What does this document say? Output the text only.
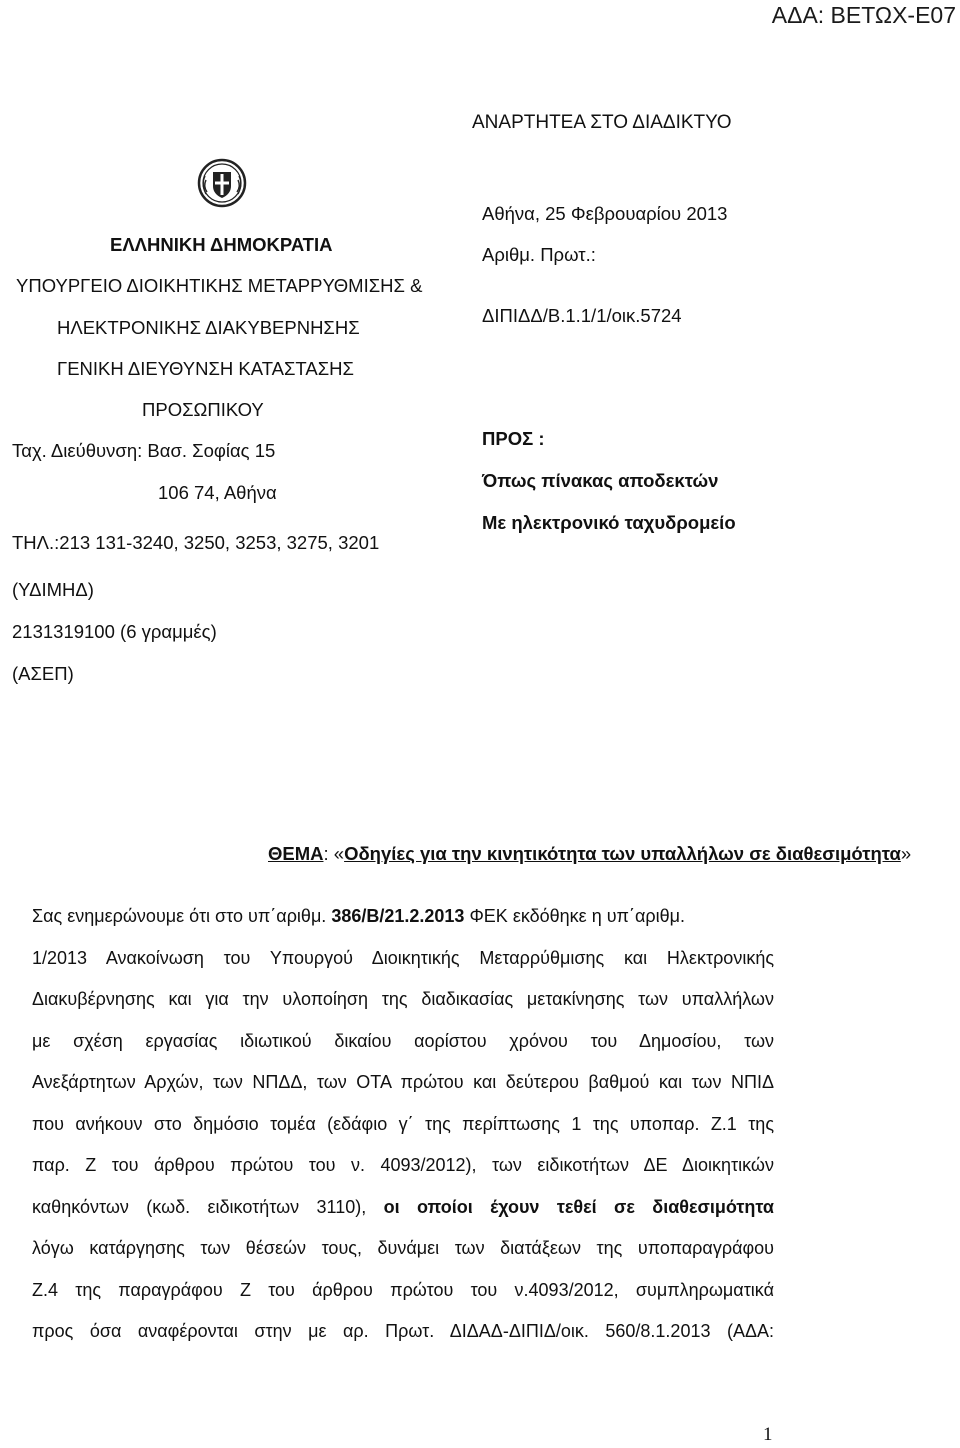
ΑΔΑ: ΒΕΤΩΧ-Ε07
ΑΝΑΡΤΗΤΕΑ ΣΤΟ ΔΙΑΔΙΚΤΥΟ
ΕΛΛΗΝΙΚΗ ΔΗΜΟΚΡΑΤΙΑ
ΥΠΟΥΡΓΕΙΟ ΔΙΟΙΚΗΤΙΚΗΣ ΜΕΤΑΡΡΥΘΜΙΣΗΣ &
ΗΛΕΚΤΡΟΝΙΚΗΣ ΔΙΑΚΥΒΕΡΝΗΣΗΣ
ΓΕΝΙΚΗ ΔΙΕΥΘΥΝΣΗ ΚΑΤΑΣΤΑΣΗΣ
ΠΡΟΣΩΠΙΚΟΥ
Ταχ. Διεύθυνση: Βασ. Σοφίας 15
106 74, Αθήνα
ΤΗΛ.:213 131-3240, 3250, 3253, 3275, 3201
(ΥΔΙΜΗΔ)
2131319100 (6 γραμμές)
(ΑΣΕΠ)
Αθήνα, 25 Φεβρουαρίου 2013
Αριθμ. Πρωτ.:
ΔΙΠΙΔΔ/Β.1.1/1/οικ.5724
ΠΡΟΣ :
Όπως πίνακας αποδεκτών
Με ηλεκτρονικό ταχυδρομείο
ΘΕΜΑ: «Οδηγίες για την κινητικότητα των υπαλλήλων σε διαθεσιμότητα»
Σας ενημερώνουμε ότι στο υπ΄αριθμ. 386/Β/21.2.2013 ΦΕΚ εκδόθηκε η υπ΄αριθμ.
1/2013 Ανακοίνωση του Υπουργού Διοικητικής Μεταρρύθμισης και Ηλεκτρονικής
Διακυβέρνησης και για την υλοποίηση της διαδικασίας μετακίνησης των υπαλλήλων
με σχέση εργασίας ιδιωτικού δικαίου αορίστου χρόνου του Δημοσίου, των
Ανεξάρτητων Αρχών, των ΝΠΔΔ, των ΟΤΑ πρώτου και δεύτερου βαθμού και των ΝΠΙΔ
που ανήκουν στο δημόσιο τομέα (εδάφιο γ΄ της περίπτωσης 1 της υποπαρ. Ζ.1 της
παρ. Ζ του άρθρου πρώτου του ν. 4093/2012), των ειδικοτήτων ΔΕ Διοικητικών
καθηκόντων (κωδ. ειδικοτήτων 3110), οι οποίοι έχουν τεθεί σε διαθεσιμότητα
λόγω κατάργησης των θέσεών τους, δυνάμει των διατάξεων της υποπαραγράφου
Ζ.4 της παραγράφου Ζ του άρθρου πρώτου του ν.4093/2012, συμπληρωματικά
προς όσα αναφέρονται στην με αρ. Πρωτ. ΔΙΔΑΔ-ΔΙΠΙΔ/οικ. 560/8.1.2013 (ΑΔΑ:
1
